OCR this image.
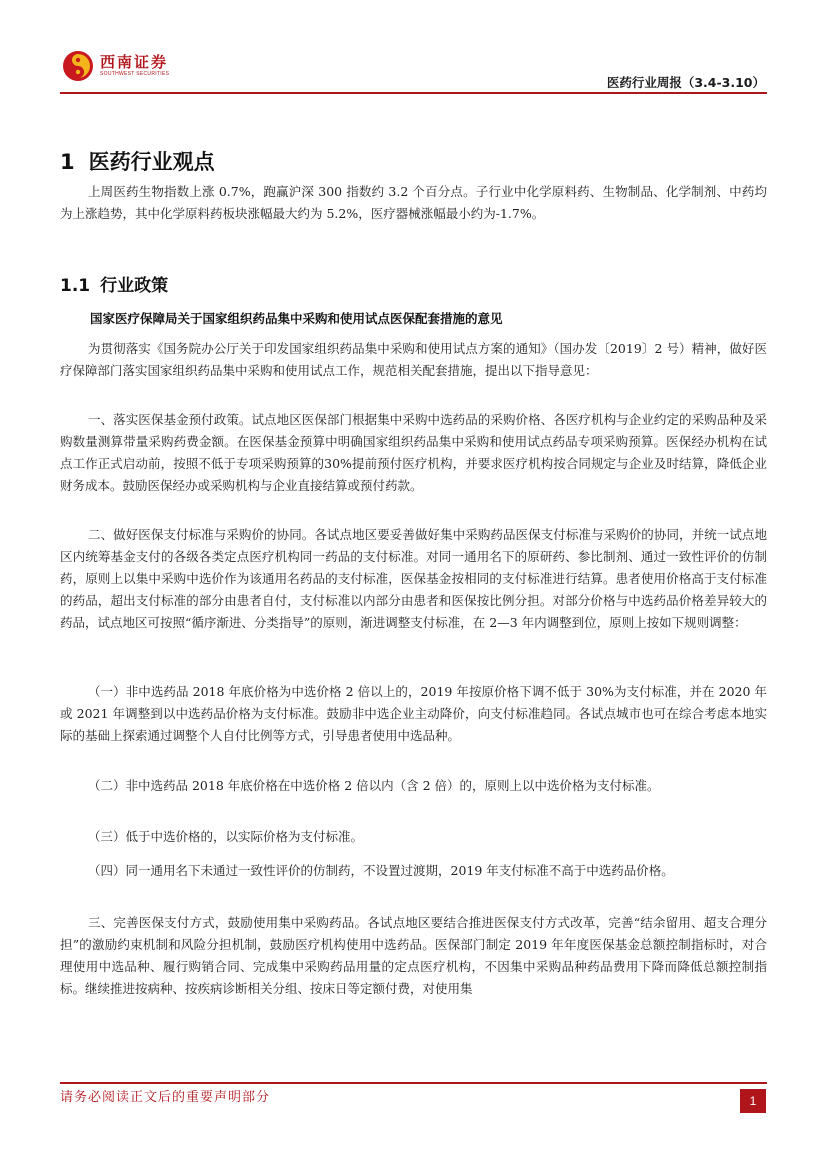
西南证券
SOUTHWEST SECURITIES
医药行业周报（3.4-3.10）
1 医药行业观点

上周医药生物指数上涨 0.7%，跑赢沪深 300 指数约 3.2 个百分点。子行业中化学原料药、生物制品、化学制剂、中药均为上涨趋势，其中化学原料药板块涨幅最大约为 5.2%，医疗器械涨幅最小约为-1.7%。

1.1 行业政策
国家医疗保障局关于国家组织药品集中采购和使用试点医保配套措施的意见

为贯彻落实《国务院办公厅关于印发国家组织药品集中采购和使用试点方案的通知》（国办发〔2019〕2 号）精神，做好医疗保障部门落实国家组织药品集中采购和使用试点工作，规范相关配套措施，提出以下指导意见：

一、落实医保基金预付政策。试点地区医保部门根据集中采购中选药品的采购价格、各医疗机构与企业约定的采购品种及采购数量测算带量采购药费金额。在医保基金预算中明确国家组织药品集中采购和使用试点药品专项采购预算。医保经办机构在试点工作正式启动前，按照不低于专项采购预算的30%提前预付医疗机构，并要求医疗机构按合同规定与企业及时结算，降低企业财务成本。鼓励医保经办或采购机构与企业直接结算或预付药款。

二、做好医保支付标准与采购价的协同。各试点地区要妥善做好集中采购药品医保支付标准与采购价的协同，并统一试点地区内统筹基金支付的各级各类定点医疗机构同一药品的支付标准。对同一通用名下的原研药、参比制剂、通过一致性评价的仿制药，原则上以集中采购中选价作为该通用名药品的支付标准，医保基金按相同的支付标准进行结算。患者使用价格高于支付标准的药品，超出支付标准的部分由患者自付，支付标准以内部分由患者和医保按比例分担。对部分价格与中选药品价格差异较大的药品，试点地区可按照“循序渐进、分类指导”的原则，渐进调整支付标准，在 2—3 年内调整到位，原则上按如下规则调整：

（一）非中选药品 2018 年底价格为中选价格 2 倍以上的，2019 年按原价格下调不低于 30%为支付标准，并在 2020 年或 2021 年调整到以中选药品价格为支付标准。鼓励非中选企业主动降价，向支付标准趋同。各试点城市也可在综合考虑本地实际的基础上探索通过调整个人自付比例等方式，引导患者使用中选品种。

（二）非中选药品 2018 年底价格在中选价格 2 倍以内（含 2 倍）的，原则上以中选价格为支付标准。

（三）低于中选价格的，以实际价格为支付标准。

（四）同一通用名下未通过一致性评价的仿制药，不设置过渡期，2019 年支付标准不高于中选药品价格。

三、完善医保支付方式，鼓励使用集中采购药品。各试点地区要结合推进医保支付方式改革，完善“结余留用、超支合理分担”的激励约束机制和风险分担机制，鼓励医疗机构使用中选药品。医保部门制定 2019 年年度医保基金总额控制指标时，对合理使用中选品种、履行购销合同、完成集中采购药品用量的定点医疗机构，不因集中采购品种药品费用下降而降低总额控制指标。继续推进按病种、按疾病诊断相关分组、按床日等定额付费，对使用集

请务必阅读正文后的重要声明部分	1
